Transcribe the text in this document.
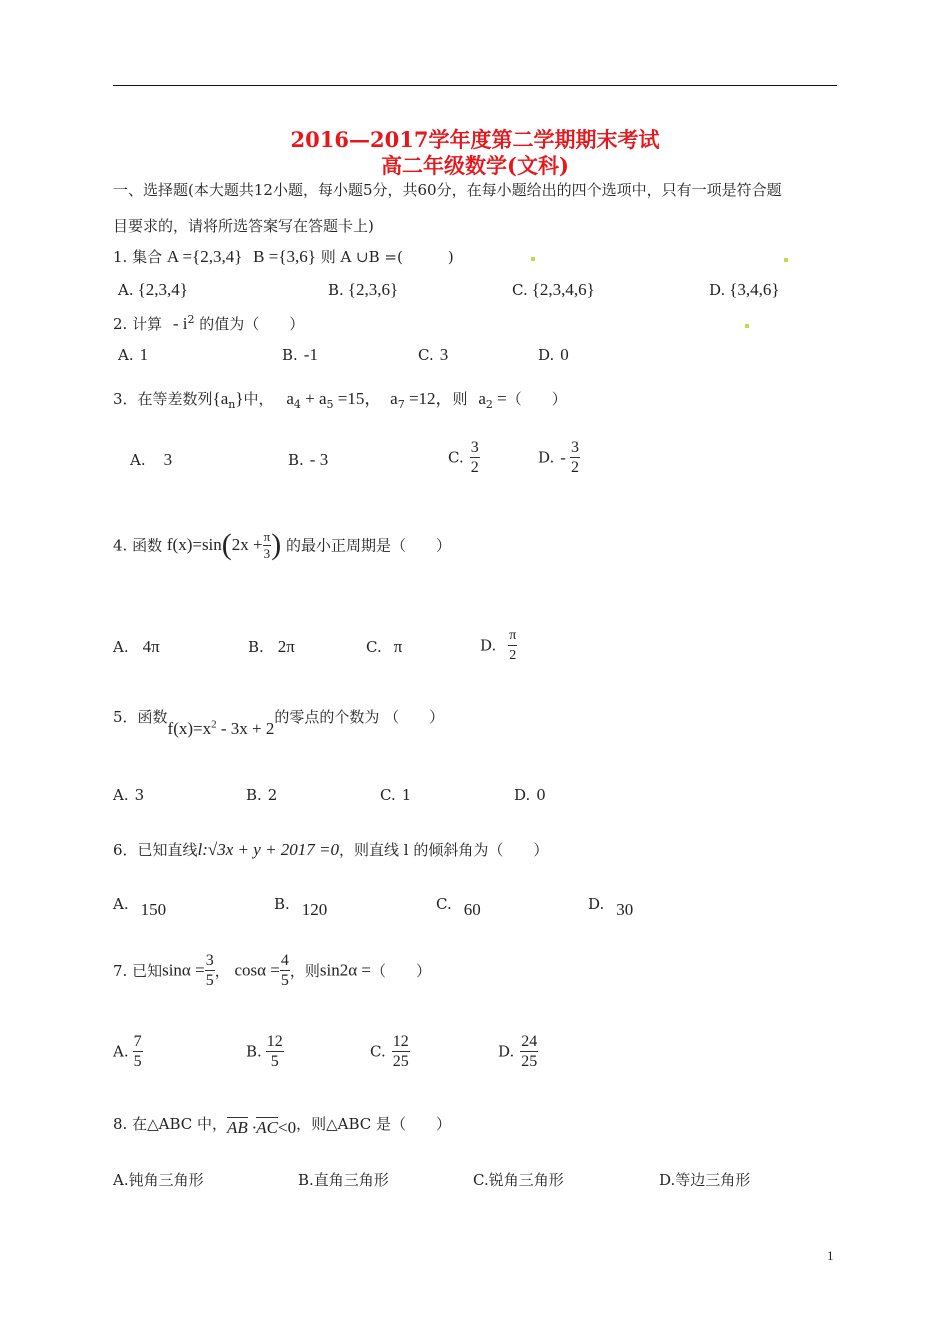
2016—2017学年度第二学期期末考试
高二年级数学(文科)
一、选择题(本大题共12小题，每小题5分，共60分，在每小题给出的四个选项中，只有一项是符合题
目要求的，请将所选答案写在答题卡上)
1. 集合 A ={2,3,4} B ={3,6} 则 A ∪B =(　　　)
A. {2,3,4}	B. {2,3,6}	C. {2,3,4,6}	D. {3,4,6}
2. 计算 - $i^2$ 的值为（　　）
A. 1	B. -1	C. 3	D. 0
3．在等差数列$\{a_n\}$中， $a_4 + a_5 =15$， $a_7 =12$，则 $a_2$ =（　　）
A. 3	B. - 3	C. $\frac{3}{2}$	D. - $\frac{3}{2}$
4. 函数 $f(x)=\sin(2x + \frac{\pi}{3}$ ) 的最小正周期是（　　）
A. 4π	B. 2π	C. π	D. $\frac{\pi}{2}$
5．函数$f(x)=x^2 - 3x + 2$的零点的个数为 （　　）
A. 3	B. 2	C. 1	D. 0
6．已知直线l:√3x + y + 2017 =0，则直线 l 的倾斜角为（　　）
A. 150	B. 120	C. 60	D. 30
7. 已知$\sin\alpha = \frac{3}{5}$ ， $\cos\alpha = \frac{4}{5}$ ，则sin2α =（　　）
A. $\frac{7}{5}$	B. $\frac{12}{5}$	C. $\frac{12}{25}$	D. $\frac{24}{25}$
8. 在△ABC 中，AB ·AC<0，则△ABC 是（　　）
A.钝角三角形	B.直角三角形	C.锐角三角形	D.等边三角形
1
